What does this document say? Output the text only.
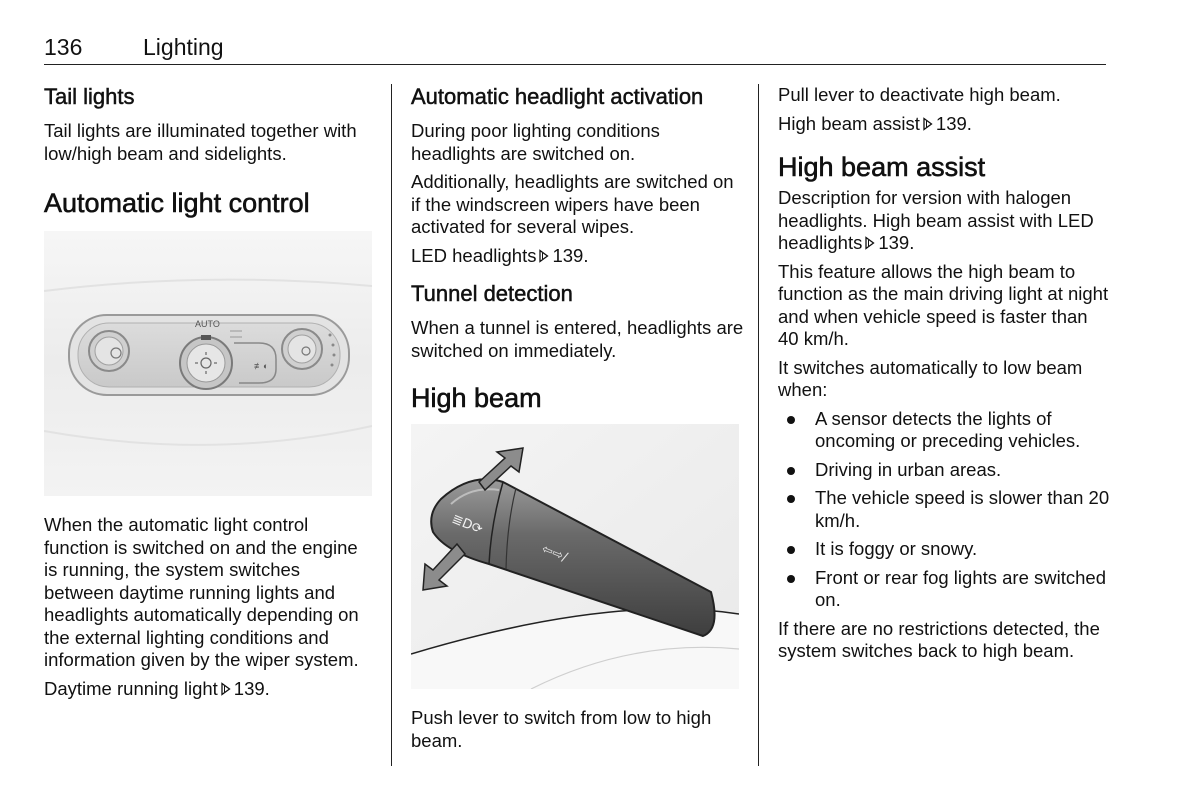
136	Lighting
Tail lights

Tail lights are illuminated together with low/high beam and sidelights.

Automatic light control
AUTO
≢◐

When the automatic light control function is switched on and the engine is running, the system switches between daytime running lights and headlights automatically depending on the external lighting conditions and information given by the wiper system.

Daytime running light 139.

Automatic headlight activation

During poor lighting conditions headlights are switched on.

Additionally, headlights are switched on if the windscreen wipers have been activated for several wipes.

LED headlights 139.

Tunnel detection

When a tunnel is entered, headlights are switched on immediately.

High beam
≣D⟳
⇦⇨/

Push lever to switch from low to high beam.

Pull lever to deactivate high beam.

High beam assist 139.

High beam assist

Description for version with halogen headlights. High beam assist with LED headlights 139.

This feature allows the high beam to function as the main driving light at night and when vehicle speed is faster than 40 km/h.

It switches automatically to low beam when:

A sensor detects the lights of oncoming or preceding vehicles.
Driving in urban areas.
The vehicle speed is slower than 20 km/h.
It is foggy or snowy.
Front or rear fog lights are switched on.

If there are no restrictions detected, the system switches back to high beam.
